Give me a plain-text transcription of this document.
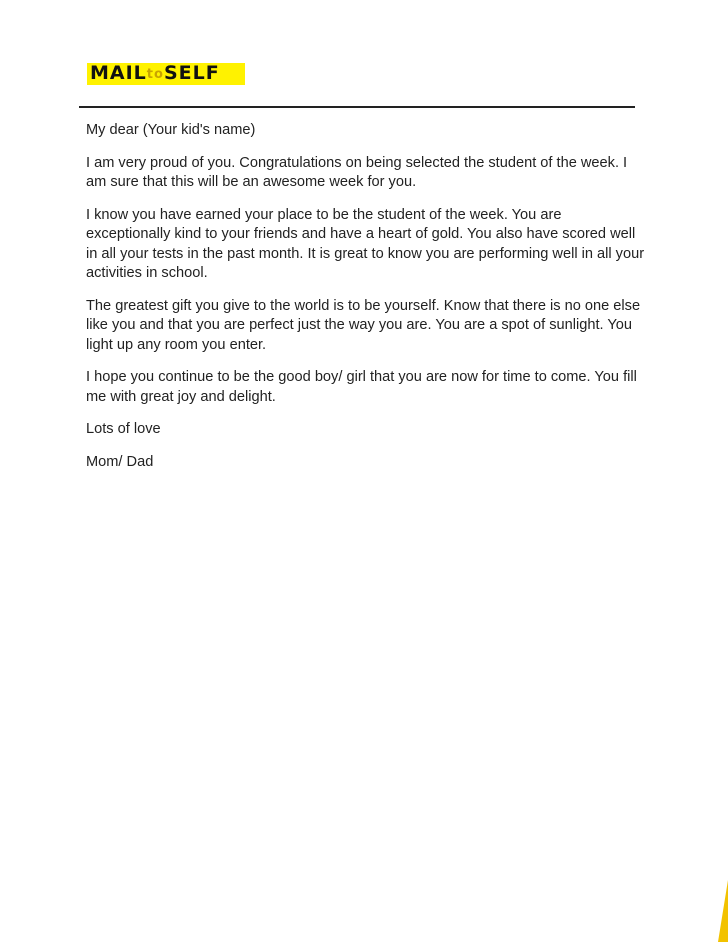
MAILtoSELF

My dear (Your kid's name)

I am very proud of you. Congratulations on being selected the student of the week. I am sure that this will be an awesome week for you.

I know you have earned your place to be the student of the week. You are exceptionally kind to your friends and have a heart of gold. You also have scored well in all your tests in the past month. It is great to know you are performing well in all your activities in school.

The greatest gift you give to the world is to be yourself. Know that there is no one else like you and that you are perfect just the way you are. You are a spot of sunlight. You light up any room you enter.

I hope you continue to be the good boy/ girl that you are now for time to come. You fill me with great joy and delight.

Lots of love

Mom/ Dad
